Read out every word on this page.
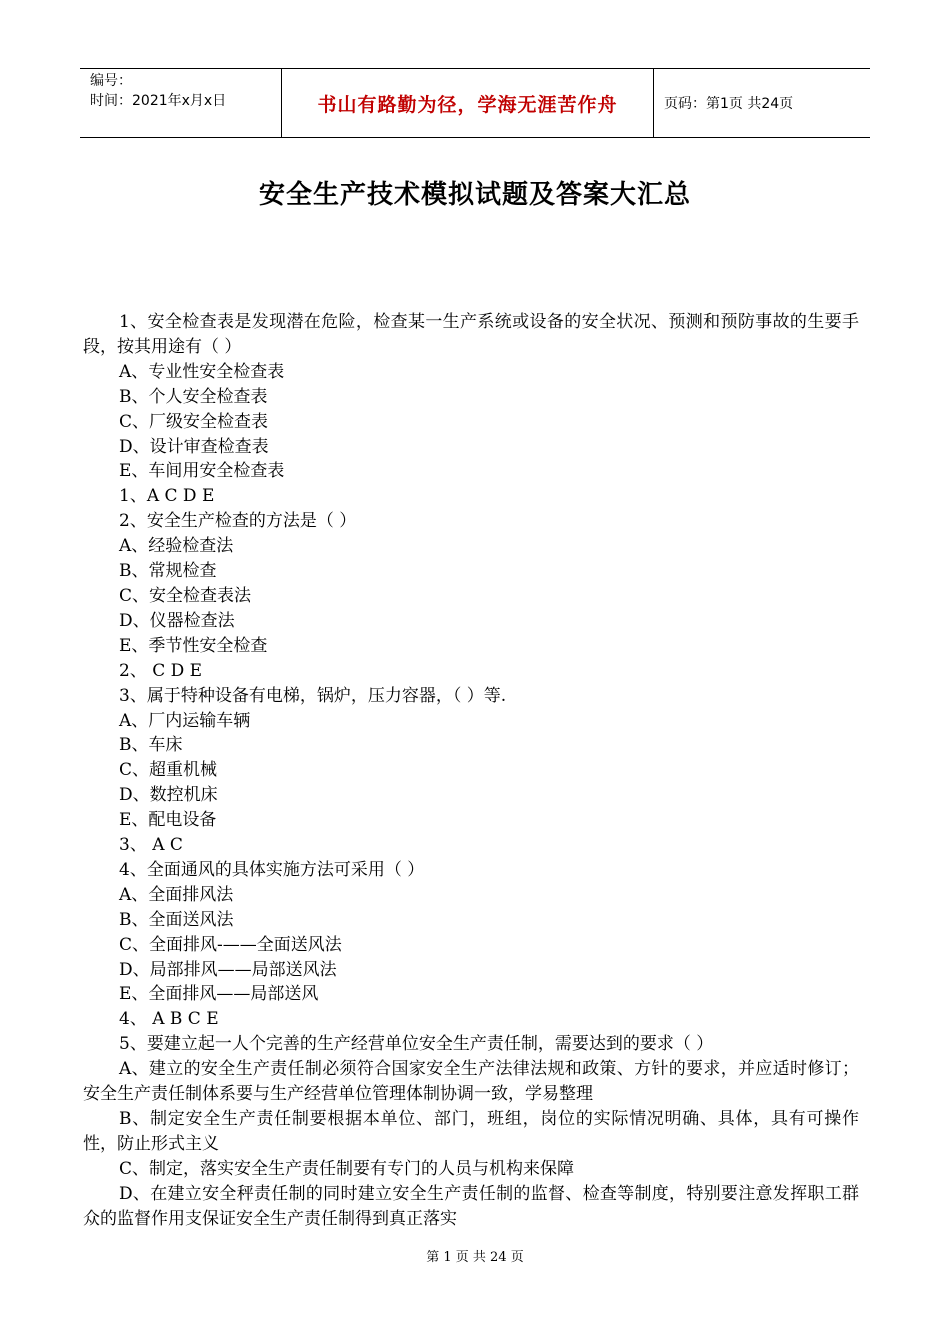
编号：
时间：2021年x月x日	书山有路勤为径，学海无涯苦作舟	页码：第1页 共24页
安全生产技术模拟试题及答案大汇总

1、安全检查表是发现潜在危险，检查某一生产系统或设备的安全状况、预测和预防事故的生要手段，按其用途有（ ）

A、专业性安全检查表

B、个人安全检查表

C、厂级安全检查表

D、设计审查检查表

E、车间用安全检查表

1、A C D E

2、安全生产检查的方法是（ ）

A、经验检查法

B、常规检查

C、安全检查表法

D、仪器检查法

E、季节性安全检查

2、 C D E

3、属于特种设备有电梯，锅炉，压力容器，（ ）等.

A、厂内运输车辆

B、车床

C、超重机械

D、数控机床

E、配电设备

3、 A C

4、全面通风的具体实施方法可采用（ ）

A、全面排风法

B、全面送风法

C、全面排风-——全面送风法

D、局部排风——局部送风法

E、全面排风——局部送风

4、 A B C E

5、要建立起一人个完善的生产经营单位安全生产责任制，需要达到的要求（ ）

A、建立的安全生产责任制必须符合国家安全生产法律法规和政策、方针的要求，并应适时修订；安全生产责任制体系要与生产经营单位管理体制协调一致，学易整理

B、制定安全生产责任制要根据本单位、部门，班组，岗位的实际情况明确、具体，具有可操作性，防止形式主义

C、制定，落实安全生产责任制要有专门的人员与机构来保障

D、在建立安全秤责任制的同时建立安全生产责任制的监督、检查等制度，特别要注意发挥职工群众的监督作用支保证安全生产责任制得到真正落实

第 1 页 共 24 页
